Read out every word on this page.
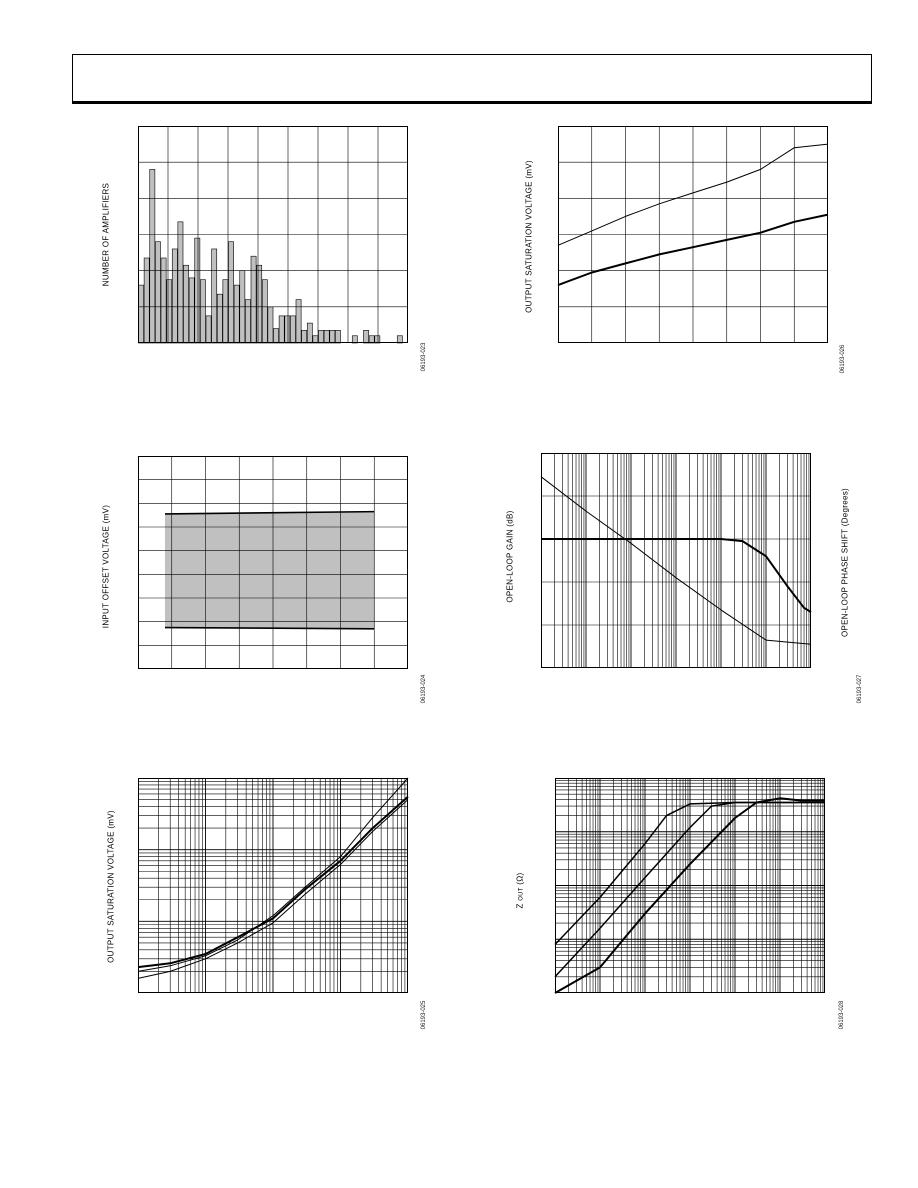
NUMBER OF AMPLIFIERS
06193-023
OUTPUT SATURATION VOLTAGE (mV)
06193-026
INPUT OFFSET VOLTAGE (mV)
06193-024
OPEN-LOOP GAIN (dB)	OPEN-LOOP PHASE SHIFT (Degrees)
06193-027
OUTPUT SATURATION VOLTAGE (mV)
06193-025
Z OUT (Ω)
06193-028
